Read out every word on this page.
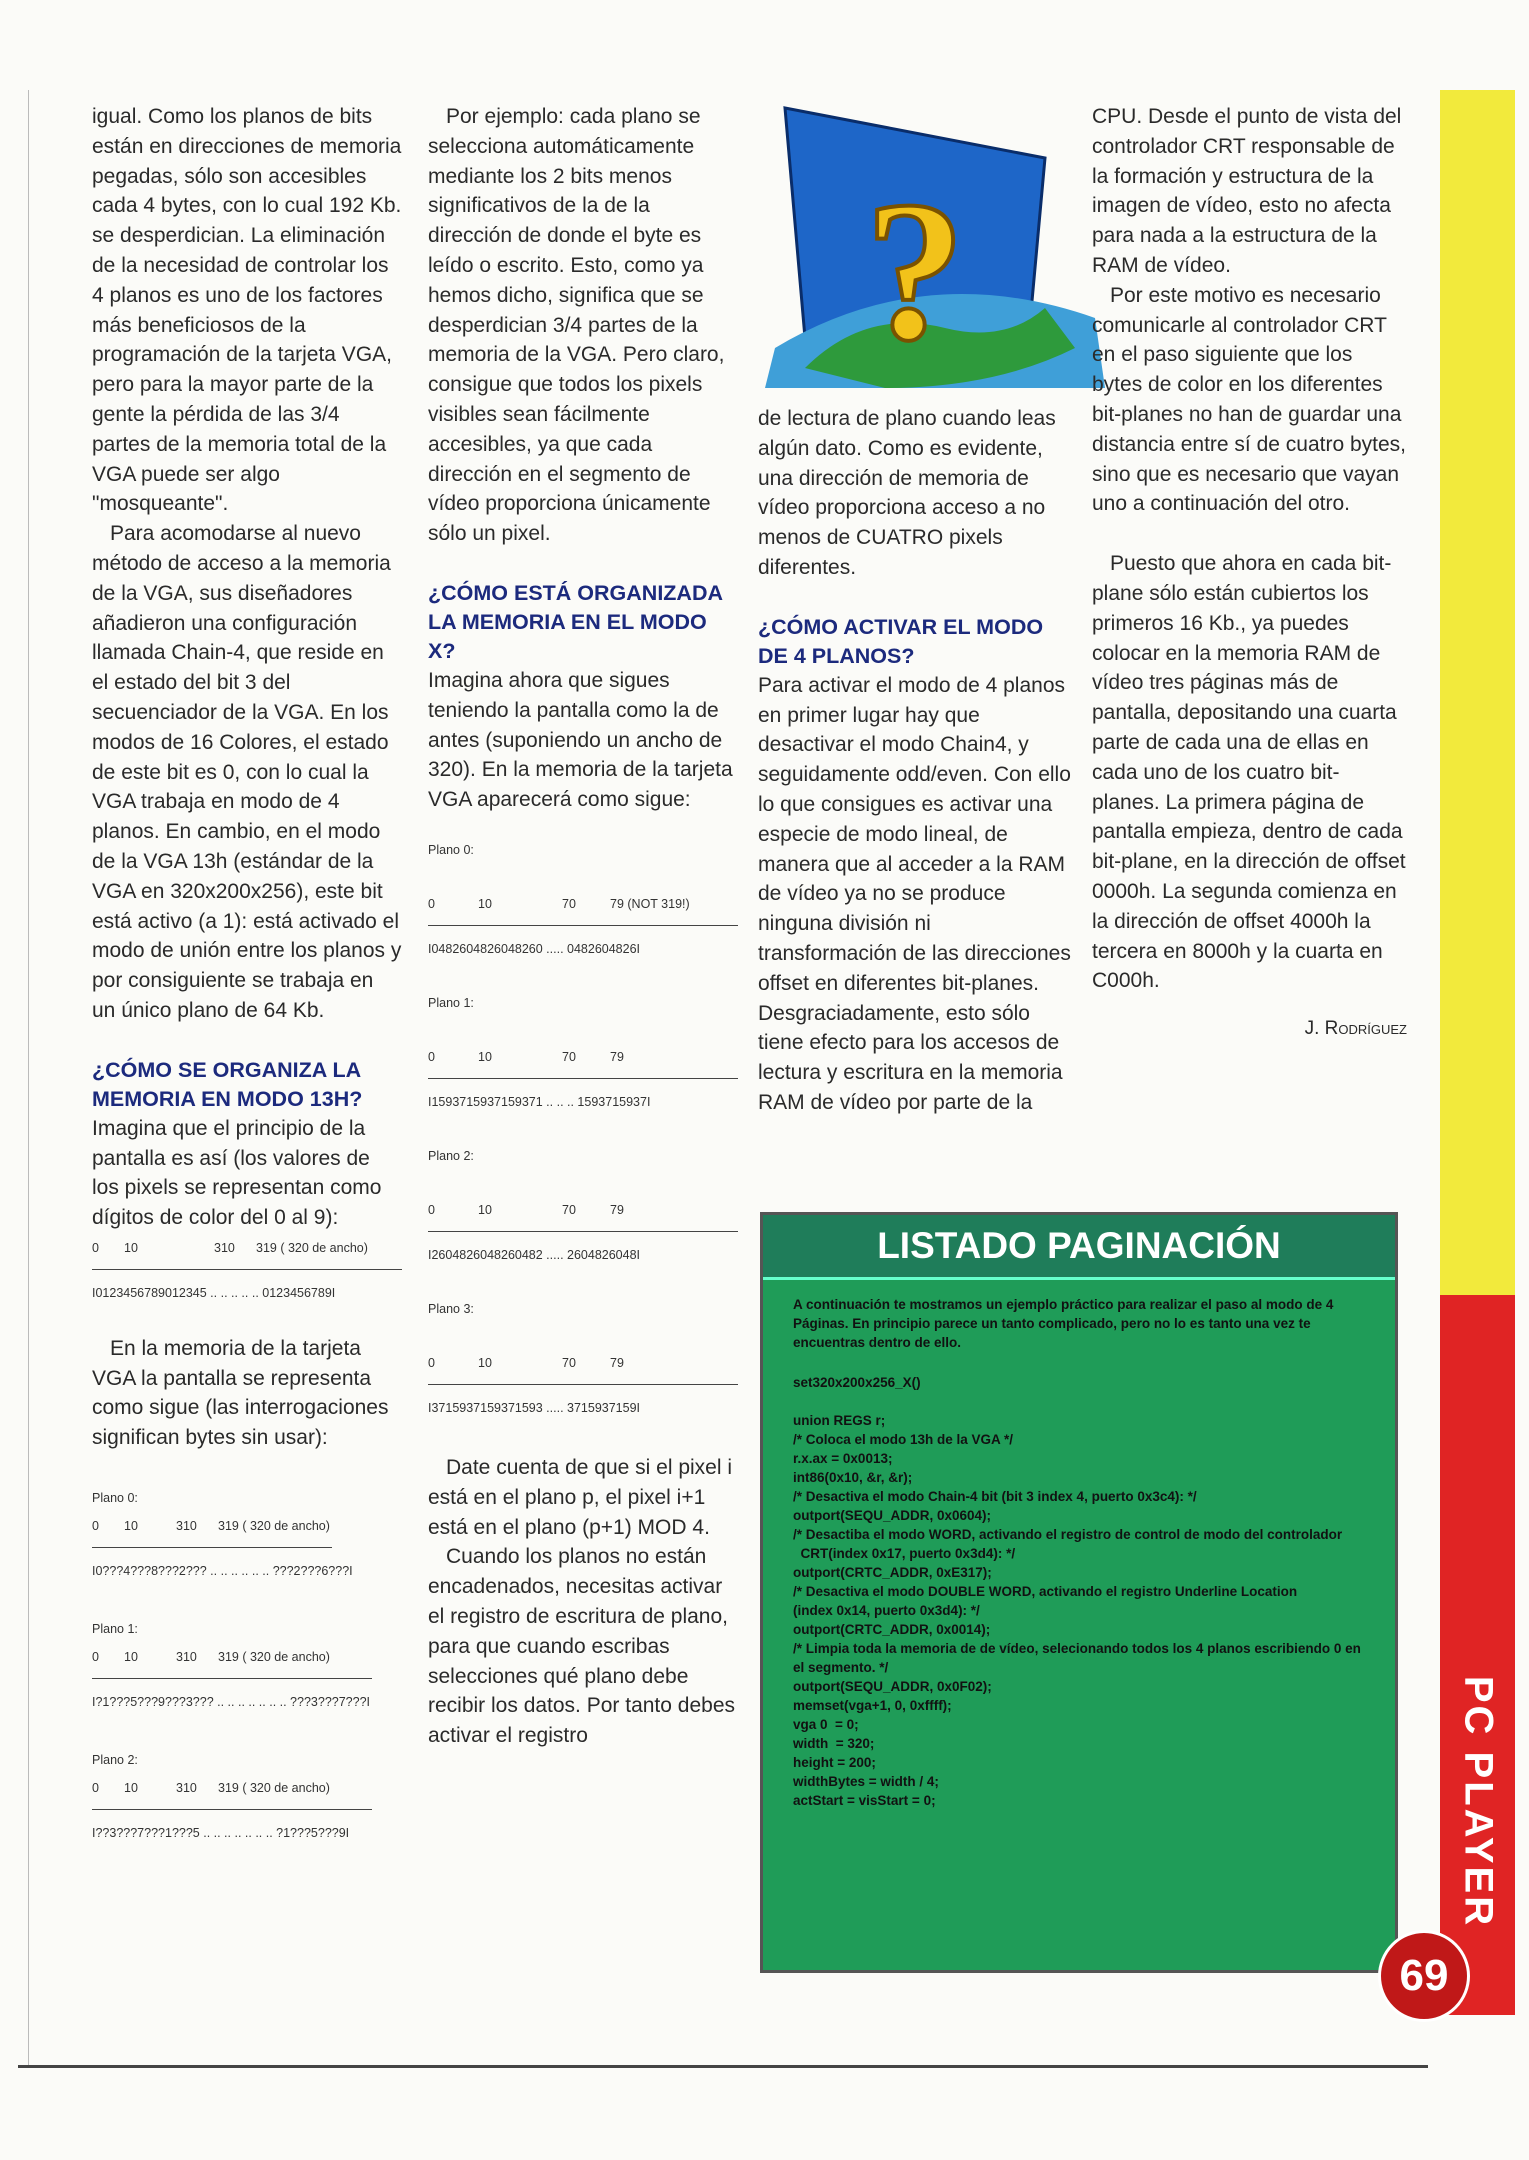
igual. Como los planos de bits están en direcciones de memoria pegadas, sólo son accesibles cada 4 bytes, con lo cual 192 Kb. se desperdician. La eliminación de la necesidad de controlar los 4 planos es uno de los factores más beneficiosos de la programación de la tarjeta VGA, pero para la mayor parte de la gente la pérdida de las 3/4 partes de la memoria total de la VGA puede ser algo "mosqueante".

Para acomodarse al nuevo método de acceso a la memoria de la VGA, sus diseñadores añadieron una configuración llamada Chain-4, que reside en el estado del bit 3 del secuenciador de la VGA. En los modos de 16 Colores, el estado de este bit es 0, con lo cual la VGA trabaja en modo de 4 planos. En cambio, en el modo de la VGA 13h (estándar de la VGA en 320x200x256), este bit está activo (a 1): está activado el modo de unión entre los planos y por consiguiente se trabaja en un único plano de 64 Kb.

¿CÓMO SE ORGANIZA LA MEMORIA EN MODO 13H?

Imagina que el principio de la pantalla es así (los valores de los pixels se representan como dígitos de color del 0 al 9):

0	10	310	319 ( 320 de ancho)
I0123456789012345 .. .. .. .. .. 0123456789I

En la memoria de la tarjeta VGA la pantalla se representa como sigue (las interrogaciones significan bytes sin usar):

Plano 0:
0	10	310	319 ( 320 de ancho)
I0???4???8???2??? .. .. .. .. .. .. ???2???6???I
Plano 1:
0	10	310	319 ( 320 de ancho)
I?1???5???9???3??? .. .. .. .. .. .. .. ???3???7???I
Plano 2:
0	10	310	319 ( 320 de ancho)
I??3???7???1???5 .. .. .. .. .. .. .. ?1???5???9I

Por ejemplo: cada plano se selecciona automáticamente mediante los 2 bits menos significativos de la de la dirección de donde el byte es leído o escrito. Esto, como ya hemos dicho, significa que se desperdician 3/4 partes de la memoria de la VGA. Pero claro, consigue que todos los pixels visibles sean fácilmente accesibles, ya que cada dirección en el segmento de vídeo proporciona únicamente sólo un pixel.

¿CÓMO ESTÁ ORGANIZADA LA MEMORIA EN EL MODO X?

Imagina ahora que sigues teniendo la pantalla como la de antes (suponiendo un ancho de 320). En la memoria de la tarjeta VGA aparecerá como sigue:

Plano 0:
0	10	70	79 (NOT 319!)
I0482604826048260 ..... 0482604826I
Plano 1:
0	10	70	79
I1593715937159371 .. .. .. 1593715937I
Plano 2:
0	10	70	79
I2604826048260482 ..... 2604826048I
Plano 3:
0	10	70	79
I3715937159371593 ..... 3715937159I

Date cuenta de que si el pixel i está en el plano p, el pixel i+1 está en el plano (p+1) MOD 4.

Cuando los planos no están encadenados, necesitas activar el registro de escritura de plano, para que cuando escribas selecciones qué plano debe recibir los datos. Por tanto debes activar el registro

?

de lectura de plano cuando leas algún dato. Como es evidente, una dirección de memoria de vídeo proporciona acceso a no menos de CUATRO pixels diferentes.

¿CÓMO ACTIVAR EL MODO DE 4 PLANOS?

Para activar el modo de 4 planos en primer lugar hay que desactivar el modo Chain4, y seguidamente odd/even. Con ello lo que consigues es activar una especie de modo lineal, de manera que al acceder a la RAM de vídeo ya no se produce ninguna división ni transformación de las direcciones offset en diferentes bit-planes. Desgraciadamente, esto sólo tiene efecto para los accesos de lectura y escritura en la memoria RAM de vídeo por parte de la

CPU. Desde el punto de vista del controlador CRT responsable de la formación y estructura de la imagen de vídeo, esto no afecta para nada a la estructura de la RAM de vídeo.

Por este motivo es necesario comunicarle al controlador CRT en el paso siguiente que los bytes de color en los diferentes bit-planes no han de guardar una distancia entre sí de cuatro bytes, sino que es necesario que vayan uno a continuación del otro.

Puesto que ahora en cada bit-plane sólo están cubiertos los primeros 16 Kb., ya puedes colocar en la memoria RAM de vídeo tres páginas más de pantalla, depositando una cuarta parte de cada una de ellas en cada uno de los cuatro bit-planes. La primera página de pantalla empieza, dentro de cada bit-plane, en la dirección de offset 0000h. La segunda comienza en la dirección de offset 4000h la tercera en 8000h y la cuarta en C000h.

J. Rodríguez

LISTADO PAGINACIÓN
A continuación te mostramos un ejemplo práctico para realizar el paso al modo de 4 Páginas. En principio parece un tanto complicado, pero no lo es tanto una vez te encuentras dentro de ello.
set320x200x256_X()

union REGS r;
/* Coloca el modo 13h de la VGA */
r.x.ax = 0x0013;
int86(0x10, &r, &r);
/* Desactiva el modo Chain-4 bit (bit 3 index 4, puerto 0x3c4): */
outport(SEQU_ADDR, 0x0604);
/* Desactiba el modo WORD, activando el registro de control de modo del controlador
CRT(index 0x17, puerto 0x3d4): */
outport(CRTC_ADDR, 0xE317);
/* Desactiva el modo DOUBLE WORD, activando el registro Underline Location
(index 0x14, puerto 0x3d4): */
outport(CRTC_ADDR, 0x0014);
/* Limpia toda la memoria de de vídeo, selecionando todos los 4 planos escribiendo 0 en el segmento. */
outport(SEQU_ADDR, 0x0F02);
memset(vga+1, 0, 0xffff);
vga 0  = 0;
width  = 320;
height = 200;
widthBytes = width / 4;
actStart = visStart = 0;	PC PLAYER
69
